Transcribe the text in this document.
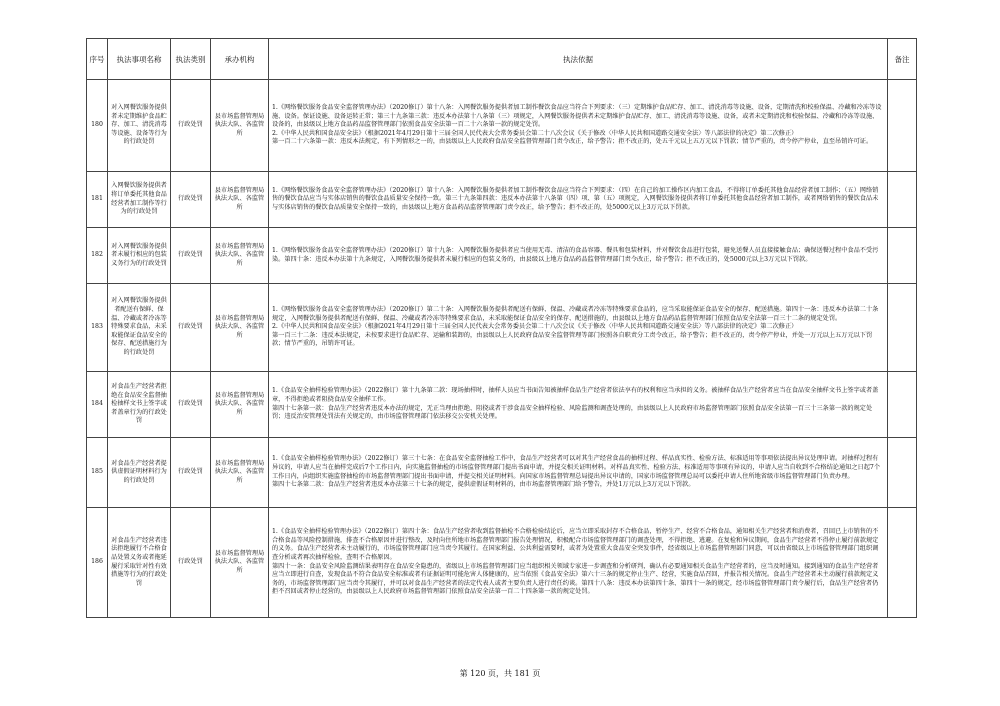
序号	执法事项名称	执法类别	承办机构	执法依据	备注
180	对入网餐饮服务提供者未定期维护食品贮存、加工、清洗消毒等设施、设备等行为的行政处罚	行政处罚	县市场监督管理局执法大队、各监管所	1.《网络餐饮服务食品安全监督管理办法》（2020修订）第十八条：入网餐饮服务提供者加工制作餐饮食品应当符合下列要求：（三）定期维护食品贮存、加工、清洗消毒等设施、设备，定期清洗和校验保温、冷藏和冷冻等设施、设备。保证设施、设备运转正常；第三十九条第三款：违反本办法第十八条第（三）项规定，入网餐饮服务提供者未定期维护食品贮存、加工、清洗消毒等设施、设备，或者未定期清洗和校验保温、冷藏和冷冻等设施、设备的，由县级以上地方食品药品监督管理部门依照食品安全法第一百二十六条第一款的规定处罚。
2.《中华人民共和国食品安全法》（根据2021年4月29日第十三届全国人民代表大会常务委员会第二十八次会议《关于修改〈中华人民共和国道路交通安全法〉等八部法律的决定》第二次修正）
第一百二十六条第一款：违反本法规定，有下列情形之一的，由县级以上人民政府食品安全监督管理部门责令改正，给予警告；拒不改正的，处五千元以上五万元以下罚款；情节严重的，责令停产停业，直至吊销许可证。	

181	入网餐饮服务提供者将订单委托其他食品经营者加工制作等行为的行政处罚	行政处罚	县市场监督管理局执法大队、各监管所	1.《网络餐饮服务食品安全监督管理办法》（2020修订）第十八条：入网餐饮服务提供者加工制作餐饮食品应当符合下列要求：（四）在自己的加工操作区内加工食品，不得将订单委托其他食品经营者加工制作；（五）网络销售的餐饮食品应当与实体店销售的餐饮食品质量安全保持一致。第三十九条第四款：违反本办法第十八条第（四）项、第（五）项规定，入网餐饮服务提供者将订单委托其他食品经营者加工制作，或者网络销售的餐饮食品未与实体店销售的餐饮食品质量安全保持一致的，由县级以上地方食品药品监督管理部门责令改正，给予警告；拒不改正的，处5000元以上3万元以下罚款。	

182	对入网餐饮服务提供者未履行相应的包装义务行为的行政处罚	行政处罚	县市场监督管理局执法大队、各监管所	1.《网络餐饮服务食品安全监督管理办法》（2020修订）第十九条：入网餐饮服务提供者应当使用无毒、清洁的食品容器、餐具和包装材料，并对餐饮食品进行包装，避免送餐人员直接接触食品；确保送餐过程中食品不受污染。第四十条：违反本办法第十九条规定，入网餐饮服务提供者未履行相应的包装义务的，由县级以上地方食品药品监督管理部门责令改正，给予警告；拒不改正的，处5000元以上3万元以下罚款。	

183	对入网餐饮服务提供者配送有保鲜、保温、冷藏或者冷冻等特殊要求食品，未采取能保证食品安全的保存、配送措施行为的行政处罚	行政处罚	县市场监督管理局执法大队、各监管所	1.《网络餐饮服务食品安全监督管理办法》（2020修订）第二十条：入网餐饮服务提供者配送有保鲜、保温、冷藏或者冷冻等特殊要求食品的，应当采取能保证食品安全的保存、配送措施。第四十一条：违反本办法第二十条规定，入网餐饮服务提供者配送有保鲜、保温、冷藏或者冷冻等特殊要求食品，未采取能保证食品安全的保存、配送措施的，由县级以上地方食品药品监督管理部门依照食品安全法第一百三十二条的规定处罚。
2.《中华人民共和国食品安全法》（根据2021年4月29日第十三届全国人民代表大会常务委员会第二十八次会议《关于修改〈中华人民共和国道路交通安全法〉等八部法律的决定》第二次修正）
第一百三十二条：违反本法规定，未按要求进行食品贮存、运输和装卸的，由县级以上人民政府食品安全监督管理等部门按照各自职责分工责令改正，给予警告；拒不改正的，责令停产停业，并处一万元以上五万元以下罚款；情节严重的，吊销许可证。	

184	对食品生产经营者拒绝在食品安全监督抽检抽样文书上签字或者盖章行为的行政处罚	行政处罚	县市场监督管理局执法大队、各监管所	1.《食品安全抽样检验管理办法》（2022修订）第十九条第二款：现场抽样时，抽样人员应当书面告知被抽样食品生产经营者依法享有的权利和应当承担的义务。被抽样食品生产经营者应当在食品安全抽样文书上签字或者盖章，不得拒绝或者阻挠食品安全抽样工作。
第四十七条第一款：食品生产经营者违反本办法的规定，无正当理由拒绝、阻挠或者干涉食品安全抽样检验、风险监测和调查处理的，由县级以上人民政府市场监督管理部门依照食品安全法第一百三十三条第一款的规定处罚；违反治安管理处罚法有关规定的，由市场监督管理部门依法移交公安机关处理。	

185	对食品生产经营者提供虚假证明材料行为的行政处罚	行政处罚	县市场监督管理局执法大队、各监管所	1.《食品安全抽样检验管理办法》（2022修订）第三十七条：在食品安全监督抽检工作中，食品生产经营者可以对其生产经营食品的抽样过程、样品真实性、检验方法、标准适用等事项依法提出异议处理申请。对抽样过程有异议的，申请人应当在抽样完成后7个工作日内，向实施监督抽检的市场监督管理部门提出书面申请，并提交相关证明材料。对样品真实性、检验方法、标准适用等事项有异议的，申请人应当自收到不合格结论通知之日起7个工作日内，向组织实施监督抽检的市场监督管理部门提出书面申请，并提交相关证明材料。向国家市场监督管理总局提出异议申请的，国家市场监督管理总局可以委托申请人住所地省级市场监督管理部门负责办理。
第四十七条第二款：食品生产经营者违反本办法第三十七条的规定，提供虚假证明材料的，由市场监督管理部门给予警告，并处1万元以上3万元以下罚款。	

186	对食品生产经营者违法拒绝履行不合格食品处置义务或者拖延履行采取针对性有效措施等行为的行政处罚	行政处罚	县市场监督管理局执法大队、各监管所	1.《食品安全抽样检验管理办法》（2022修订）第四十条：食品生产经营者收到监督抽检不合格检验结论后，应当立即采取封存不合格食品，暂停生产、经营不合格食品，通知相关生产经营者和消费者，召回已上市销售的不合格食品等风险控制措施，排查不合格原因并进行整改，及时向住所地市场监督管理部门报告处理情况，积极配合市场监督管理部门的调查处理，不得拒绝、逃避。在复检和异议期间，食品生产经营者不得停止履行前款规定的义务。食品生产经营者未主动履行的，市场监督管理部门应当责令其履行。在国家利益、公共利益需要时，或者为处置重大食品安全突发事件，经省级以上市场监督管理部门同意，可以由省级以上市场监督管理部门组织调查分析或者再次抽样检验，查明不合格原因。
第四十一条：食品安全风险监测结果表明存在食品安全隐患的，省级以上市场监督管理部门应当组织相关领域专家进一步调查和分析研判，确认有必要通知相关食品生产经营者的，应当及时通知。接到通知的食品生产经营者应当立即进行自查，发现食品不符合食品安全标准或者有证据证明可能危害人体健康的，应当依照《食品安全法》第六十三条的规定停止生产、经营，实施食品召回，并报告相关情况。食品生产经营者未主动履行前款规定义务的，市场监督管理部门应当责令其履行，并可以对食品生产经营者的法定代表人或者主要负责人进行责任约谈。第四十八条：违反本办法第四十条、第四十一条的规定，经市场监督管理部门责令履行后，食品生产经营者仍拒不召回或者停止经营的，由县级以上人民政府市场监督管理部门依照食品安全法第一百二十四条第一款的规定处罚。	

第 120 页，共 181 页
